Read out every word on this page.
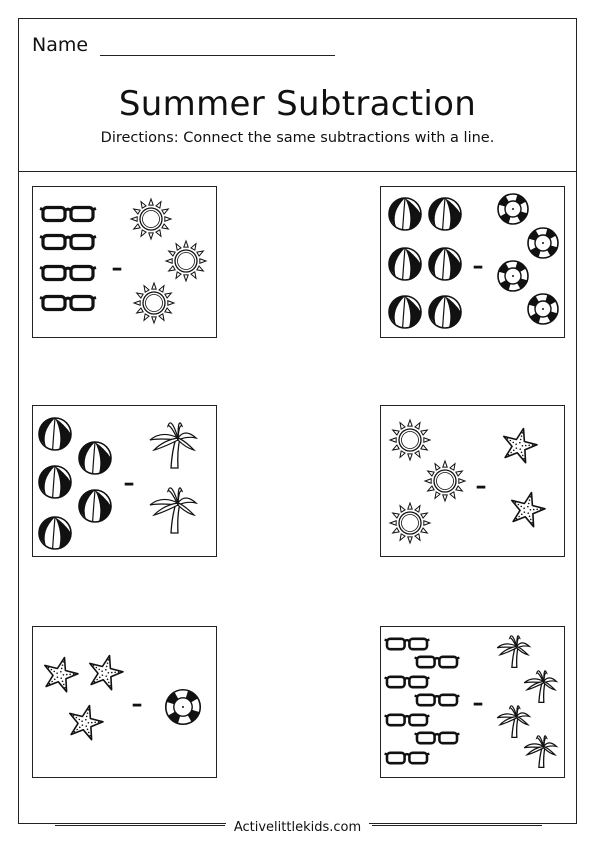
Name
Summer Subtraction
Directions: Connect the same subtractions with a line.
–
–
–
–
–
–
Activelittlekids.com
